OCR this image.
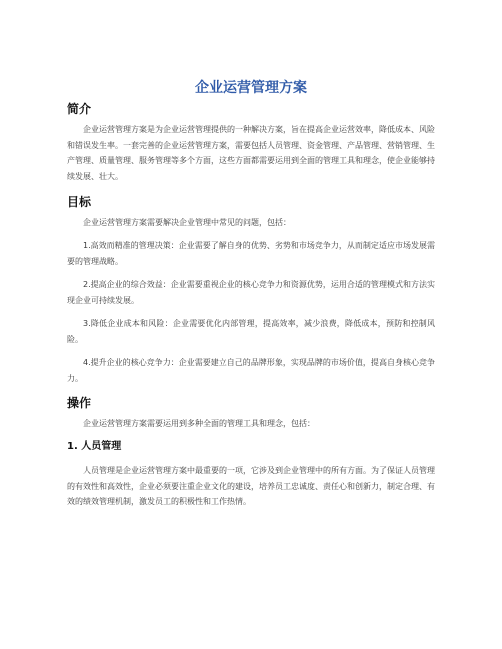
企业运营管理方案
简介

企业运营管理方案是为企业运营管理提供的一种解决方案，旨在提高企业运营效率，降低成本、风险和错误发生率。一套完善的企业运营管理方案，需要包括人员管理、资金管理、产品管理、营销管理、生产管理、质量管理、服务管理等多个方面，这些方面都需要运用到全面的管理工具和理念，使企业能够持续发展、壮大。

目标

企业运营管理方案需要解决企业管理中常见的问题，包括：

1.高效而精准的管理决策：企业需要了解自身的优势、劣势和市场竞争力，从而制定适应市场发展需要的管理战略。

2.提高企业的综合效益：企业需要重视企业的核心竞争力和资源优势，运用合适的管理模式和方法实现企业可持续发展。

3.降低企业成本和风险：企业需要优化内部管理，提高效率，减少浪费，降低成本，预防和控制风险。

4.提升企业的核心竞争力：企业需要建立自己的品牌形象，实现品牌的市场价值，提高自身核心竞争力。

操作

企业运营管理方案需要运用到多种全面的管理工具和理念，包括：

1. 人员管理

人员管理是企业运营管理方案中最重要的一项，它涉及到企业管理中的所有方面。为了保证人员管理的有效性和高效性，企业必须要注重企业文化的建设，培养员工忠诚度、责任心和创新力，制定合理、有效的绩效管理机制，激发员工的积极性和工作热情。
